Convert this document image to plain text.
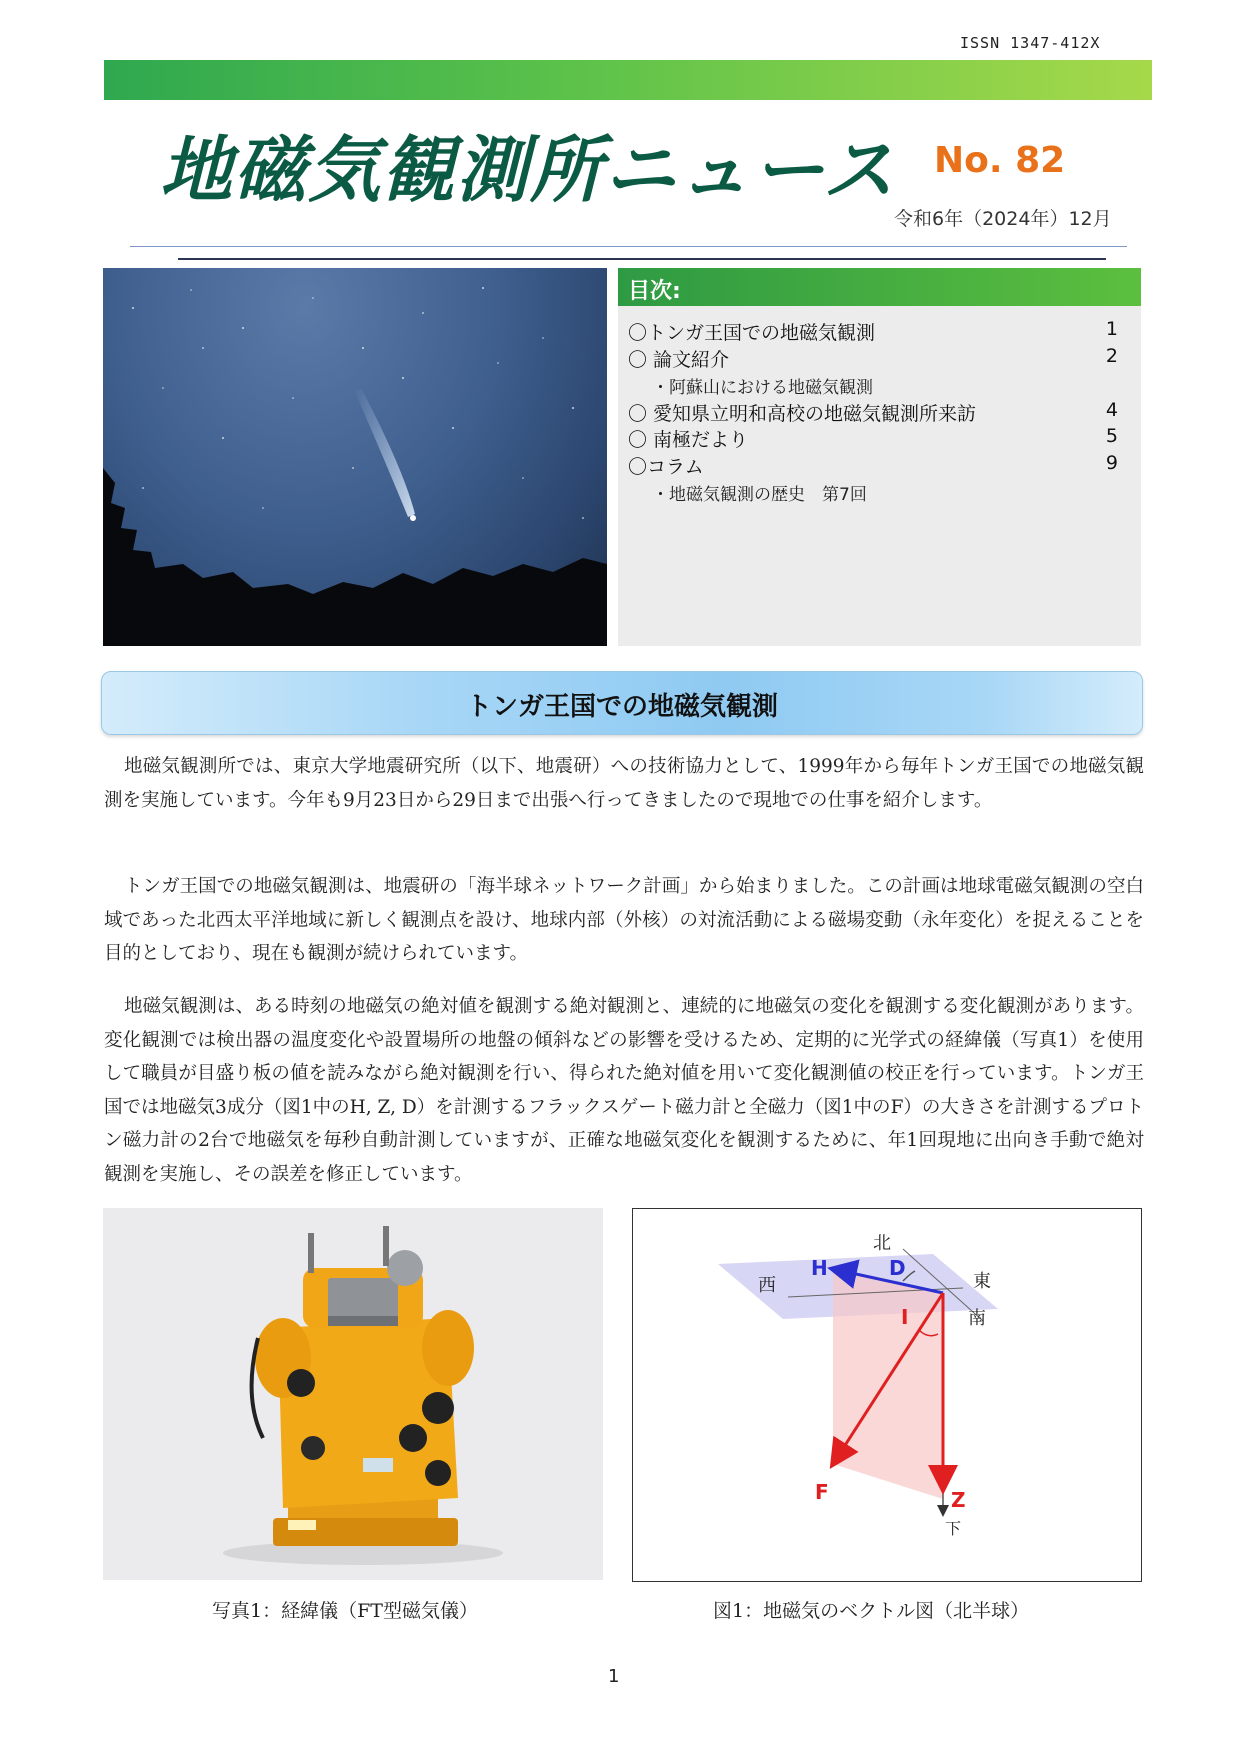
ISSN 1347-412X
地磁気観測所ニュース No. 82
令和6年（2024年）12月
目次:
〇トンガ王国での地磁気観測	1
〇 論文紹介	2
・阿蘇山における地磁気観測
〇 愛知県立明和高校の地磁気観測所来訪	4
〇 南極だより	5
〇コラム	9
・地磁気観測の歴史　第7回
トンガ王国での地磁気観測
地磁気観測所では、東京大学地震研究所（以下、地震研）への技術協力として、1999年から毎年トンガ王国での地磁気観測を実施しています。今年も9月23日から29日まで出張へ行ってきましたので現地での仕事を紹介します。
トンガ王国での地磁気観測は、地震研の「海半球ネットワーク計画」から始まりました。この計画は地球電磁気観測の空白域であった北西太平洋地域に新しく観測点を設け、地球内部（外核）の対流活動による磁場変動（永年変化）を捉えることを目的としており、現在も観測が続けられています。
地磁気観測は、ある時刻の地磁気の絶対値を観測する絶対観測と、連続的に地磁気の変化を観測する変化観測があります。変化観測では検出器の温度変化や設置場所の地盤の傾斜などの影響を受けるため、定期的に光学式の経緯儀（写真1）を使用して職員が目盛り板の値を読みながら絶対観測を行い、得られた絶対値を用いて変化観測値の校正を行っています。トンガ王国では地磁気3成分（図1中のH, Z, D）を計測するフラックスゲート磁力計と全磁力（図1中のF）の大きさを計測するプロトン磁力計の2台で地磁気を毎秒自動計測していますが、正確な地磁気変化を観測するために、年1回現地に出向き手動で絶対観測を実施し、その誤差を修正しています。
北
西	東
南
下
H	D
I
F	Z
写真1：経緯儀（FT型磁気儀）	図1：地磁気のベクトル図（北半球）
1
